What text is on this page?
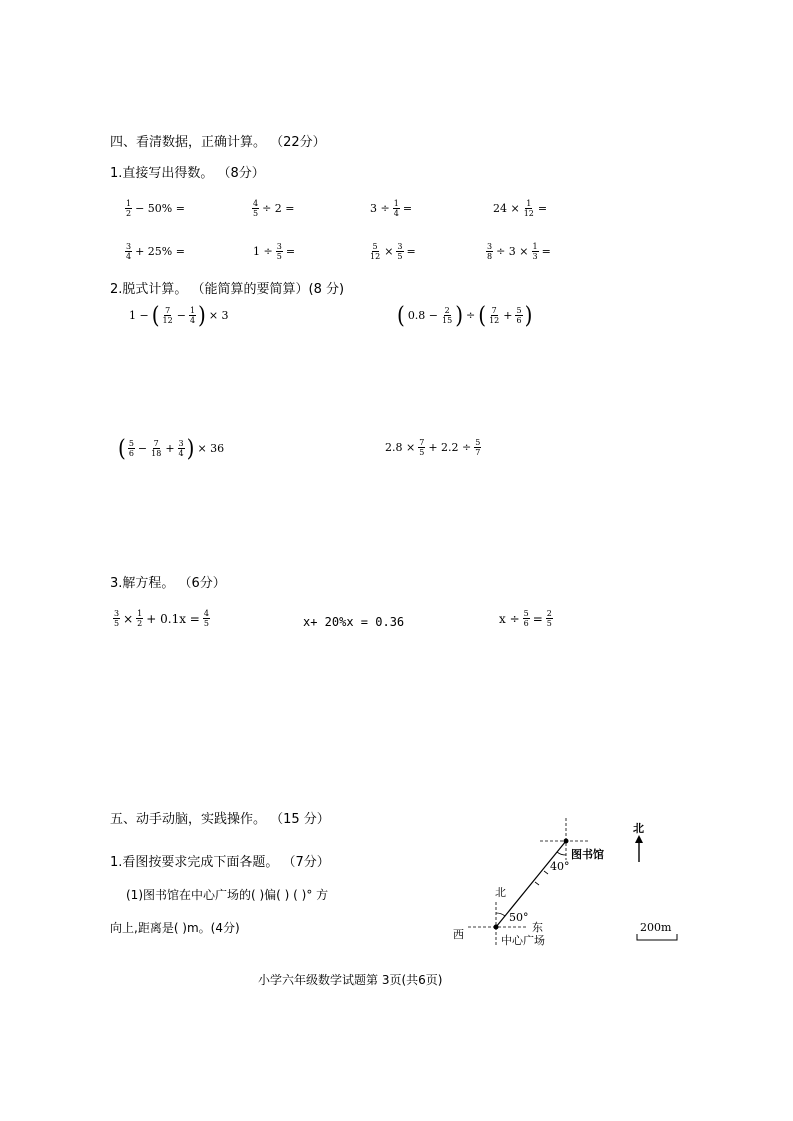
四、看清数据，正确计算。 （22分）
1.直接写出得数。 （8分）
$\frac{1}{2} - 50\%$ =	$\frac{4}{5} \div 2$ =	$3 \div \frac{1}{4}$ =	$24 \times \frac{1}{12}$ =
$\frac{3}{4} + 25\%$ =	$1 \div \frac{3}{5}$ =	$\frac{5}{12} \times \frac{3}{5}$ =	$\frac{3}{8} \div 3 \times \frac{1}{3}$ =
2.脱式计算。 （能简算的要简算）(8 分)
1 − ( $\frac{7}{12} - \frac{1}{4}$ ) × 3	( $0.8 - \frac{2}{15}$ ) ÷ ( $\frac{7}{12} + \frac{5}{6}$ )
( $\frac{5}{6} - \frac{7}{18} + \frac{3}{4}$ ) × 36	$2.8 \times \frac{7}{5} + 2.2 \div \frac{5}{7}$
3.解方程。 （6分）
$\frac{3}{5} \times \frac{1}{2} + 0.1x = \frac{4}{5}$	x+ 20%x = 0.36	$x \div \frac{5}{6} = \frac{2}{5}$
五、动手动脑，实践操作。 （15 分）
1.看图按要求完成下面各题。 （7分）
(1)图书馆在中心广场的( )偏( ) ( )° 方
向上,距离是( )m。(4分)
北
图书馆
40°
北
50°
西
东
中心广场
200m
小学六年级数学试题第 3页(共6页)
